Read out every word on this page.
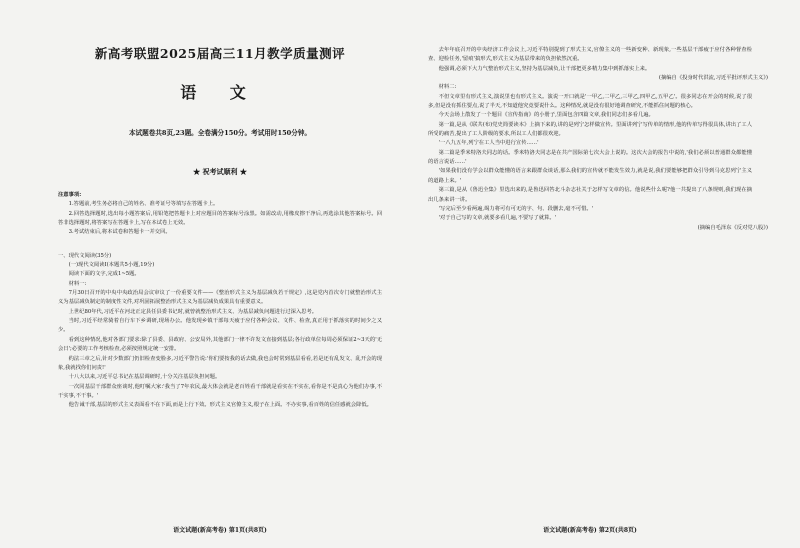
新高考联盟2025届高三11月教学质量测评
语 文
本试题卷共8页,23题。全卷满分150分。考试用时150分钟。
★ 祝考试顺利 ★

注意事项:

1.答题前,考生务必将自己的姓名、准考证号等填写在答题卡上。

2.回答选择题时,选出每小题答案后,用铅笔把答题卡上对应题目的答案标号涂黑。如需改动,用橡皮擦干净后,再选涂其他答案标号。回答非选择题时,将答案写在答题卡上,写在本试卷上无效。

3.考试结束后,将本试卷和答题卡一并交回。

一、现代文阅读(35分)

(一)现代文阅读Ⅰ(本题共5小题,19分)

阅读下面的文字,完成1~5题。

材料一:

7月30日召开的中央中央政治局会议审议了一份重要文件——《整治形式主义为基层减负若干规定》,这是党内首次专门就整治形式主义为基层减负制定的制度性文件,对巩固拓展整治形式主义为基层减负成果具有重要意义。

上世纪80年代,习近平在河北正定县任县委书记时,就曾就整治形式主义、为基层减负问题进行过深入思考。

当时,习近平经常骑着自行车下乡调研,现场办公。他发现乡镇干部每天疲于应付各种会议、文件、检查,真正用于抓落实的时间少之又少。

看到这种情况,他对各部门要求:除了县委、县政府、公安局外,其他部门一律不许发文直接到基层;各行政单位每周必须保证2~3天的'无会日';必要的工作考核检查,必须按照规定统一安排。

约法三章之后,针对少数部门仍旧检查变脸多,习近平警告说:'你们要按我的话去做,我也会时常到基层看看,若是还有乱发文、乱开会的现象,我就找你们问责!'

十八大以来,习近平总书记在基层调研时,十分关注基层负担问题。

一次同基层干部群众座谈时,他叮嘱大家:'我当了7年农民,最大体会就是老百姓看干部就是看实在不实在,看你是不是真心为他们办事,不干实事,不干事。'

他告诫干部,基层的形式主义表面看不在下面,而是上行下效。形式主义官僚主义,根子在上面。不办实事,看百姓的信任感就会降低。

语文试题(新高考卷) 第1页(共8页)

去年年底召开的中央经济工作会议上,习近平特别提到了形式主义,官僚主义的一些新变种、新现象,一些基层干部疲于应付各种督查检查、迎检任务,'留痕'搞形式,形式主义为基层带来的负担依然沉重。

他强调,必须下大力气整治形式主义,坚持为基层减负,让干部把更多精力集中到抓落实上来。

(摘编自《投身时代洪流,习近平批评形式主义》)

材料二:

不但文章里有形式主义,演说里也有形式主义。演说一开口就是'一甲乙,二甲乙,三甲乙,四甲乙,五甲乙'。很多同志在开会的时候,说了很多,但是没有抓住要点,说了半天,不知道他究竟要说什么。这种情况,就是没有很好地调查研究,不能抓住问题的核心。

今天会场上散发了一个题目《宣传指南》的小册子,里面包含四篇文章,我们同志们多看几遍。

第一篇,是从《联共(布)党史简要读本》上摘下来的,讲的是列宁怎样做宣传。里面讲列宁写传单的情形,他的传单写得很具体,讲出了工人所受的痛苦,提出了工人阶级的要求,所以工人们都很欢迎。

'一八九五年,列宁在工人当中进行宣传……'

第二篇是季米特洛夫同志的话。季米特洛夫同志是在共产国际第七次大会上说的。这次大会的报告中说的,'我们必须以普通群众都能懂的语言说话……'

'如果我们没有学会以群众能懂的语言来跟群众谈话,那么我们的宣传就不能发生效力,就是说,我们要能够把群众引导到马克思列宁主义的道路上来。'

第三篇,是从《鲁迅全集》里选出来的,是鲁迅回答北斗杂志社关于怎样写文章的信。他说些什么呢?他一共提出了八条规则,我们现在摘出几条来讲一讲。

'写完后至少看两遍,竭力将可有可无的字、句、段删去,毫不可惜。'

'对于自己写的文章,就要多看几遍,不要写了就算。'

(摘编自毛泽东《反对党八股》)

语文试题(新高考卷) 第2页(共8页)
